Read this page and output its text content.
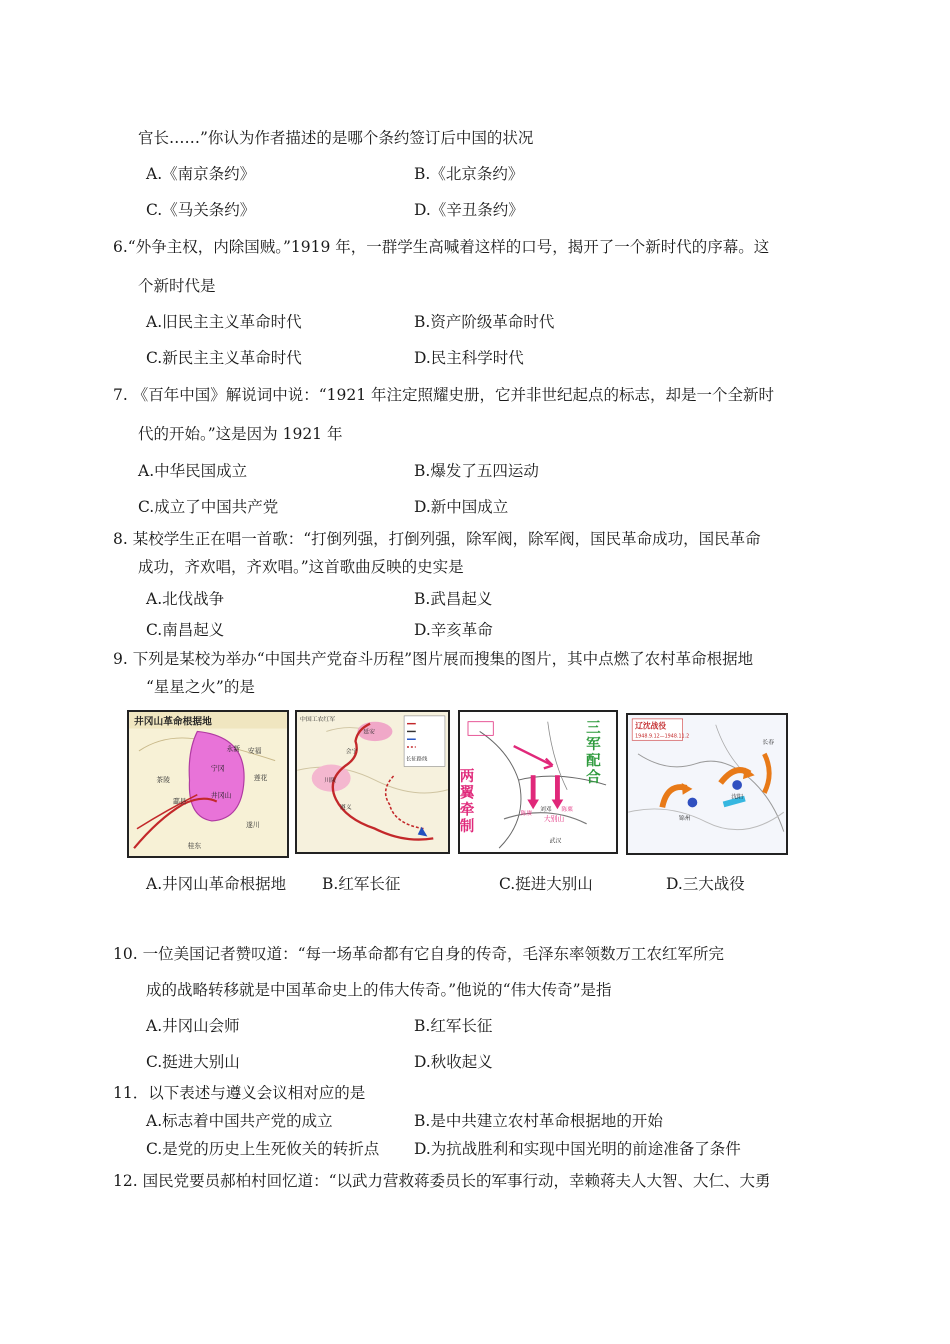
官长……”你认为作者描述的是哪个条约签订后中国的状况
A.《南京条约》	B.《北京条约》
C.《马关条约》	D.《辛丑条约》
6.“外争主权，内除国贼。”1919 年，一群学生高喊着这样的口号，揭开了一个新时代的序幕。这
个新时代是
A.旧民主主义革命时代	B.资产阶级革命时代
C.新民主主义革命时代	D.民主科学时代
7. 《百年中国》解说词中说：“1921 年注定照耀史册，它并非世纪起点的标志，却是一个全新时
代的开始。”这是因为 1921 年
A.中华民国成立	B.爆发了五四运动
C.成立了中国共产党	D.新中国成立
8. 某校学生正在唱一首歌：“打倒列强，打倒列强，除军阀，除军阀，国民革命成功，国民革命
成功，齐欢唱，齐欢唱。”这首歌曲反映的史实是
A.北伐战争	B.武昌起义
C.南昌起义	D.辛亥革命
9. 下列是某校为举办“中国共产党奋斗历程”图片展而搜集的图片，其中点燃了农村革命根据地
“星星之火”的是
井冈山革命根据地
安福
茶陵
遂川
宁冈
永新
莲花
酃县
井冈山
桂东
中国工农红军
长征路线
川陕
延安
遵义
会宁
两翼牵制
三军配合
陈赓
刘邓
大别山
陈粟
武汉
辽沈战役
1948.9.12—1948.11.2
锦州
沈阳
长春
A.井冈山革命根据地 B.红军长征	C.挺进大别山	D.三大战役
10. 一位美国记者赞叹道：“每一场革命都有它自身的传奇，毛泽东率领数万工农红军所完
成的战略转移就是中国革命史上的伟大传奇。”他说的“伟大传奇”是指
A.井冈山会师	B.红军长征
C.挺进大别山	D.秋收起义
11．以下表述与遵义会议相对应的是
A.标志着中国共产党的成立	B.是中共建立农村革命根据地的开始
C.是党的历史上生死攸关的转折点 D.为抗战胜利和实现中国光明的前途准备了条件
12. 国民党要员郝柏村回忆道：“以武力营救蒋委员长的军事行动，幸赖蒋夫人大智、大仁、大勇
